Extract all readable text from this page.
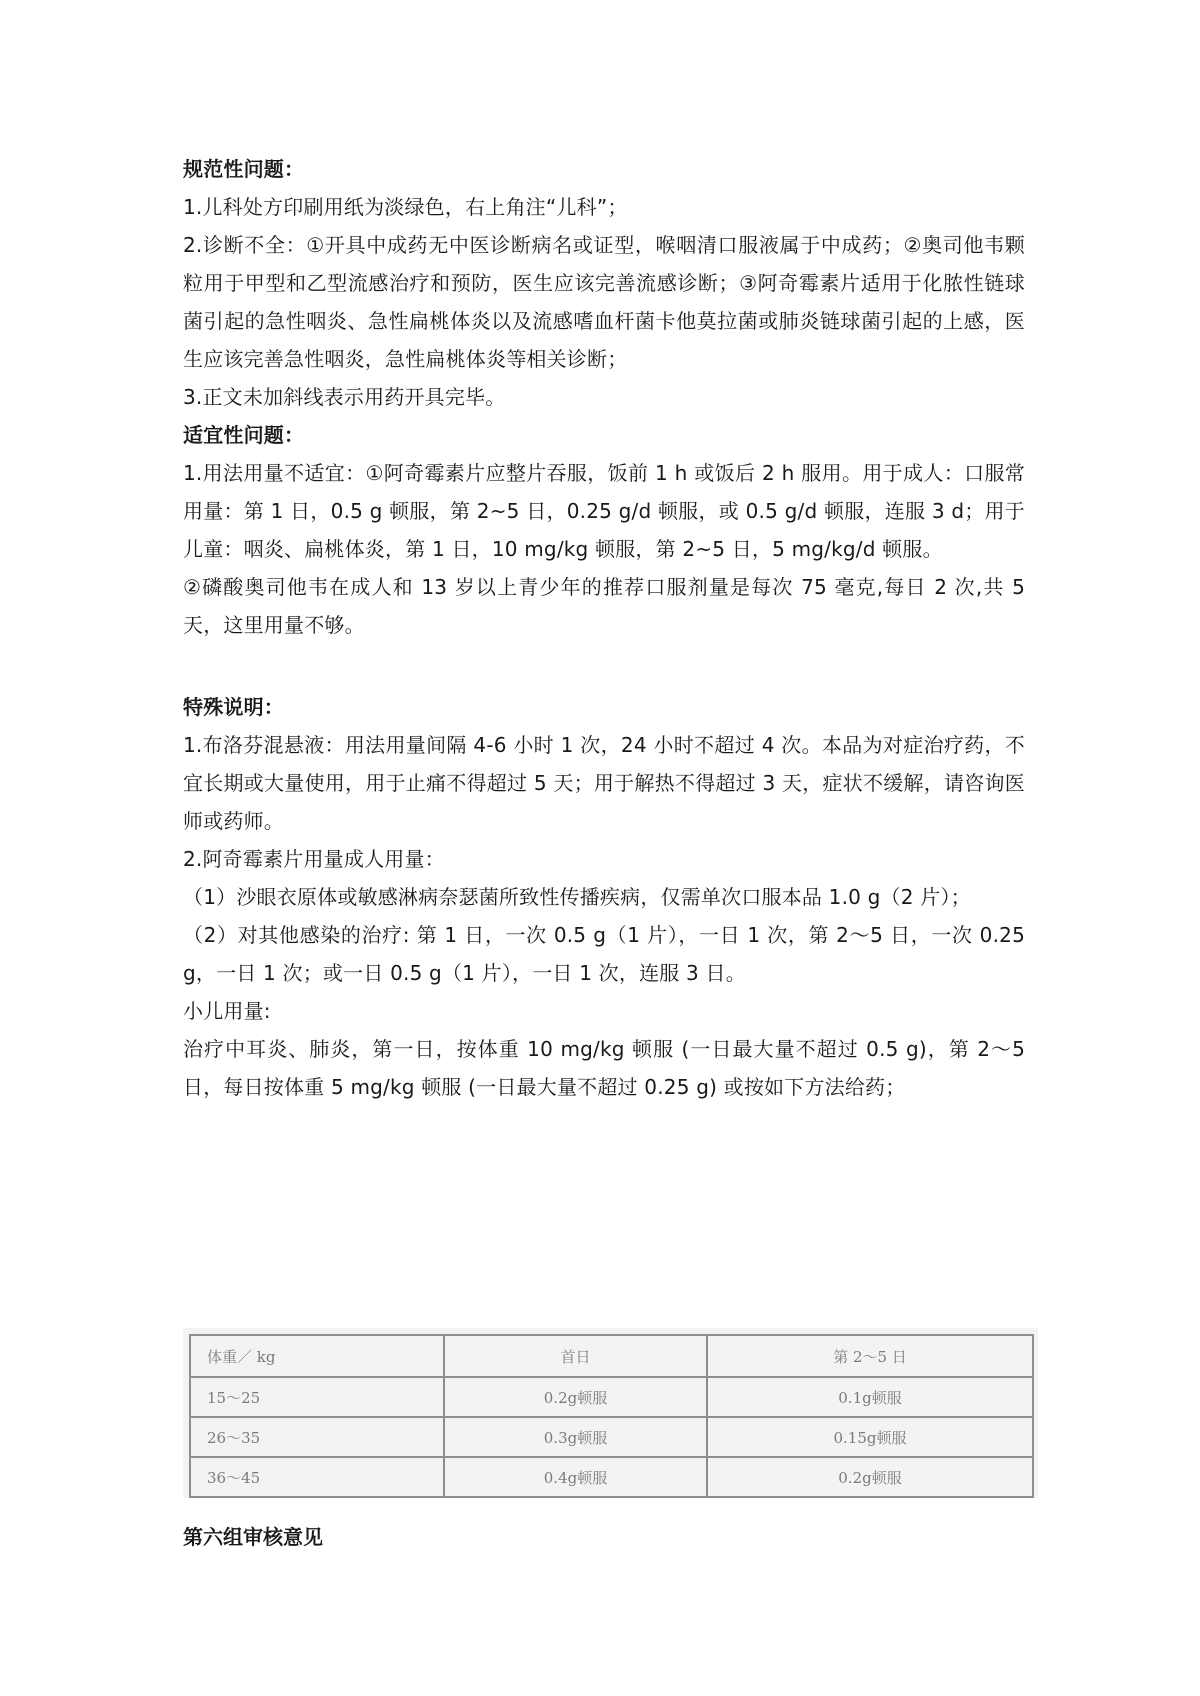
规范性问题：

1.儿科处方印刷用纸为淡绿色，右上角注“儿科”；

2.诊断不全：①开具中成药无中医诊断病名或证型，喉咽清口服液属于中成药；②奥司他韦颗粒用于甲型和乙型流感治疗和预防，医生应该完善流感诊断；③阿奇霉素片适用于化脓性链球菌引起的急性咽炎、急性扁桃体炎以及流感嗜血杆菌卡他莫拉菌或肺炎链球菌引起的上感，医生应该完善急性咽炎，急性扁桃体炎等相关诊断；

3.正文未加斜线表示用药开具完毕。

适宜性问题：

1.用法用量不适宜：①阿奇霉素片应整片吞服，饭前 1 h 或饭后 2 h 服用。用于成人：口服常用量：第 1 日，0.5 g 顿服，第 2~5 日，0.25 g/d 顿服，或 0.5 g/d 顿服，连服 3 d；用于儿童：咽炎、扁桃体炎，第 1 日，10 mg/kg 顿服，第 2~5 日，5 mg/kg/d 顿服。

②磷酸奥司他韦在成人和 13 岁以上青少年的推荐口服剂量是每次 75 毫克,每日 2 次,共 5 天，这里用量不够。

特殊说明：

1.布洛芬混悬液：用法用量间隔 4-6 小时 1 次，24 小时不超过 4 次。本品为对症治疗药，不宜长期或大量使用，用于止痛不得超过 5 天；用于解热不得超过 3 天，症状不缓解，请咨询医师或药师。

2.阿奇霉素片用量成人用量：

（1）沙眼衣原体或敏感淋病奈瑟菌所致性传播疾病，仅需单次口服本品 1.0 g（2 片）；

（2）对其他感染的治疗: 第 1 日，一次 0.5 g（1 片），一日 1 次，第 2～5 日，一次 0.25 g，一日 1 次；或一日 0.5 g（1 片），一日 1 次，连服 3 日。

小儿用量:

治疗中耳炎、肺炎，第一日，按体重 10 mg/kg 顿服 (一日最大量不超过 0.5 g)，第 2～5 日，每日按体重 5 mg/kg 顿服 (一日最大量不超过 0.25 g) 或按如下方法给药；

体重／ kg	首日	第 2～5 日
15～25	0.2g顿服	0.1g顿服
26～35	0.3g顿服	0.15g顿服
36～45	0.4g顿服	0.2g顿服
第六组审核意见
